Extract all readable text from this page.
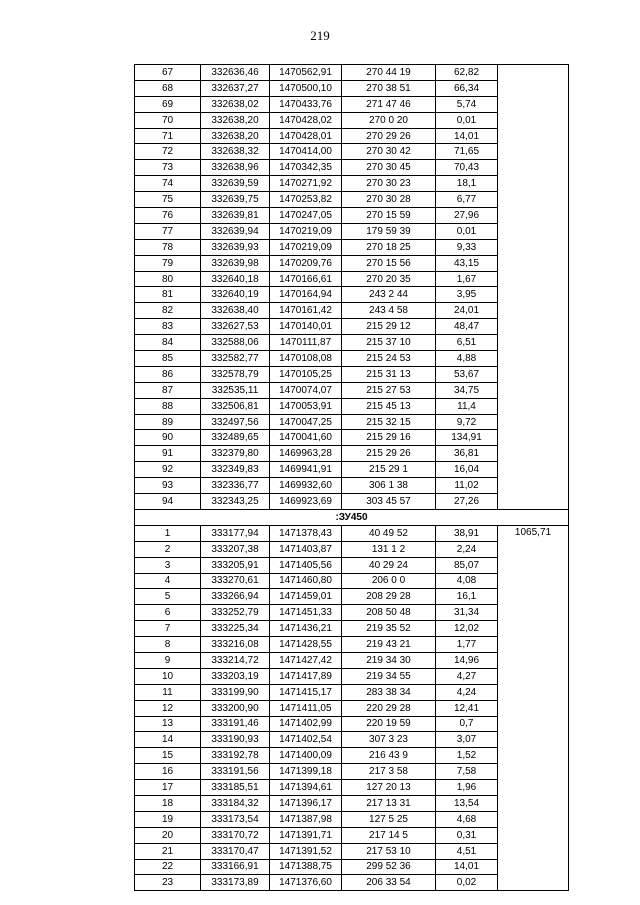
219
67	332636,46	1470562,91	270 44 19	62,82	
68	332637,27	1470500,10	270 38 51	66,34	
69	332638,02	1470433,76	271 47 46	5,74	
70	332638,20	1470428,02	270 0 20	0,01	
71	332638,20	1470428,01	270 29 26	14,01	
72	332638,32	1470414,00	270 30 42	71,65	
73	332638,96	1470342,35	270 30 45	70,43	
74	332639,59	1470271,92	270 30 23	18,1	
75	332639,75	1470253,82	270 30 28	6,77	
76	332639,81	1470247,05	270 15 59	27,96	
77	332639,94	1470219,09	179 59 39	0,01	
78	332639,93	1470219,09	270 18 25	9,33	
79	332639,98	1470209,76	270 15 56	43,15	
80	332640,18	1470166,61	270 20 35	1,67	
81	332640,19	1470164,94	243 2 44	3,95	
82	332638,40	1470161,42	243 4 58	24,01	
83	332627,53	1470140,01	215 29 12	48,47	
84	332588,06	1470111,87	215 37 10	6,51	
85	332582,77	1470108,08	215 24 53	4,88	
86	332578,79	1470105,25	215 31 13	53,67	
87	332535,11	1470074,07	215 27 53	34,75	
88	332506,81	1470053,91	215 45 13	11,4	
89	332497,56	1470047,25	215 32 15	9,72	
90	332489,65	1470041,60	215 29 16	134,91	
91	332379,80	1469963,28	215 29 26	36,81	
92	332349,83	1469941,91	215 29 1	16,04	
93	332336,77	1469932,60	306 1 38	11,02	
94	332343,25	1469923,69	303 45 57	27,26	
:ЗУ450					
1	333177,94	1471378,43	40 49 52	38,91	1065,71
2	333207,38	1471403,87	131 1 2	2,24	
3	333205,91	1471405,56	40 29 24	85,07	
4	333270,61	1471460,80	206 0 0	4,08	
5	333266,94	1471459,01	208 29 28	16,1	
6	333252,79	1471451,33	208 50 48	31,34	
7	333225,34	1471436,21	219 35 52	12,02	
8	333216,08	1471428,55	219 43 21	1,77	
9	333214,72	1471427,42	219 34 30	14,96	
10	333203,19	1471417,89	219 34 55	4,27	
11	333199,90	1471415,17	283 38 34	4,24	
12	333200,90	1471411,05	220 29 28	12,41	
13	333191,46	1471402,99	220 19 59	0,7	
14	333190,93	1471402,54	307 3 23	3,07	
15	333192,78	1471400,09	216 43 9	1,52	
16	333191,56	1471399,18	217 3 58	7,58	
17	333185,51	1471394,61	127 20 13	1,96	
18	333184,32	1471396,17	217 13 31	13,54	
19	333173,54	1471387,98	127 5 25	4,68	
20	333170,72	1471391,71	217 14 5	0,31	
21	333170,47	1471391,52	217 53 10	4,51	
22	333166,91	1471388,75	299 52 36	14,01	
23	333173,89	1471376,60	206 33 54	0,02	
